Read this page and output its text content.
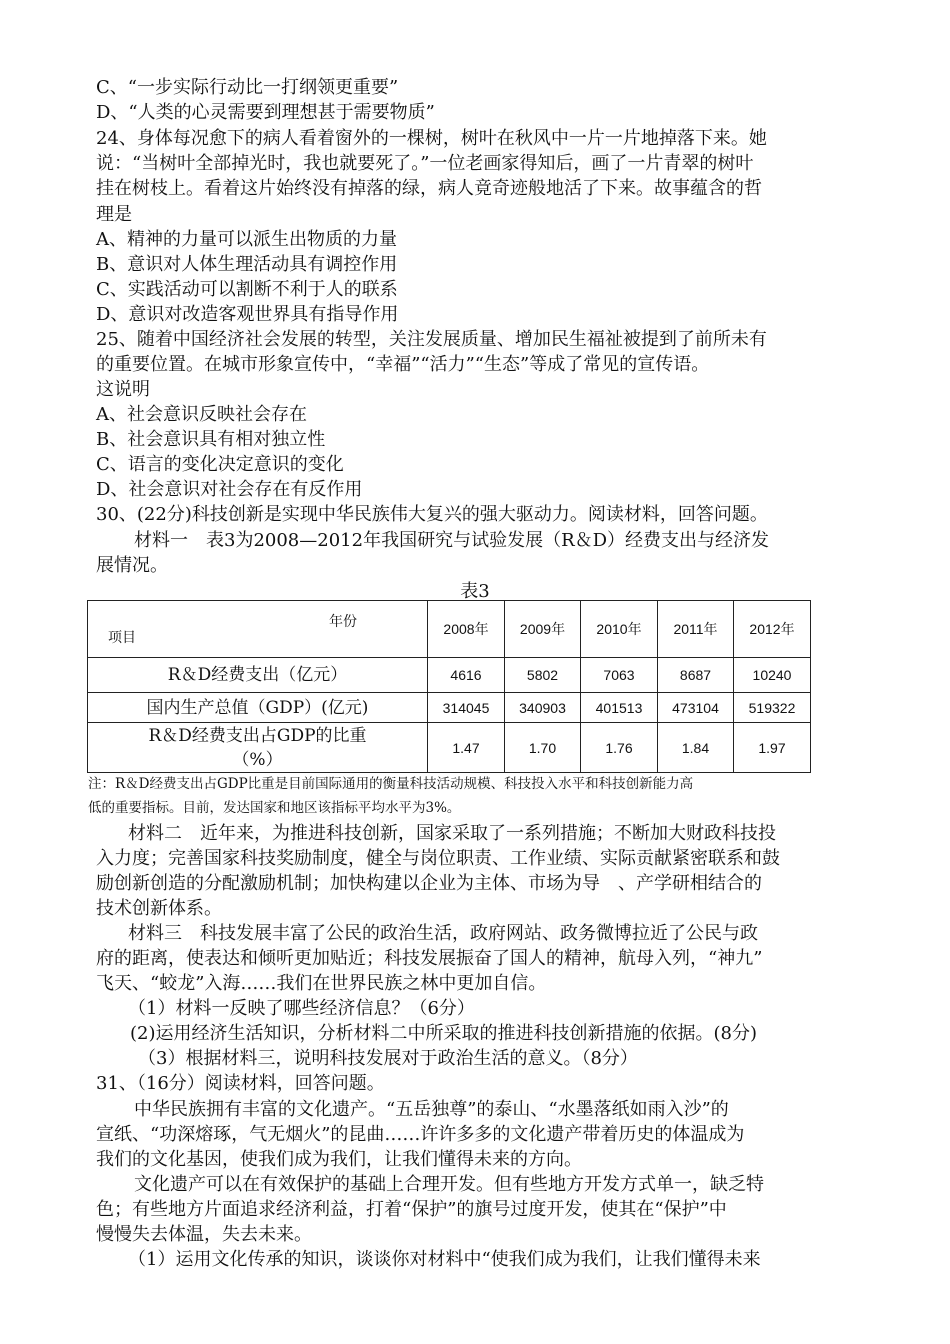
C、“一步实际行动比一打纲领更重要”
D、“人类的心灵需要到理想甚于需要物质”
24、身体每况愈下的病人看着窗外的一棵树，树叶在秋风中一片一片地掉落下来。她
说：“当树叶全部掉光时，我也就要死了。”一位老画家得知后，画了一片青翠的树叶
挂在树枝上。看着这片始终没有掉落的绿，病人竟奇迹般地活了下来。故事蕴含的哲
理是
A、精神的力量可以派生出物质的力量
B、意识对人体生理活动具有调控作用
C、实践活动可以割断不利于人的联系
D、意识对改造客观世界具有指导作用
25、随着中国经济社会发展的转型，关注发展质量、增加民生福祉被提到了前所未有
的重要位置。在城市形象宣传中，“幸福”“活力”“生态”等成了常见的宣传语。
这说明
A、社会意识反映社会存在
B、社会意识具有相对独立性
C、语言的变化决定意识的变化
D、社会意识对社会存在有反作用
30、(22分)科技创新是实现中华民族伟大复兴的强大驱动力。阅读材料，回答问题。
材料一　表3为2008—2012年我国研究与试验发展（R＆D）经费支出与经济发
展情况。
表3
年份
项目	2008年	2009年	2010年	2011年	2012年
R＆D经费支出（亿元）	4616	5802	7063	8687	10240
国内生产总值（GDP）(亿元)	314045	340903	401513	473104	519322
R＆D经费支出占GDP的比重（%）	1.47	1.70	1.76	1.84	1.97
注：R＆D经费支出占GDP比重是目前国际通用的衡量科技活动规模、科技投入水平和科技创新能力高
低的重要指标。目前，发达国家和地区该指标平均水平为3%。
材料二　近年来，为推进科技创新，国家采取了一系列措施；不断加大财政科技投
入力度；完善国家科技奖励制度，健全与岗位职责、工作业绩、实际贡献紧密联系和鼓
励创新创造的分配激励机制；加快构建以企业为主体、市场为导　、产学研相结合的
技术创新体系。
材料三　科技发展丰富了公民的政治生活，政府网站、政务微博拉近了公民与政
府的距离，使表达和倾听更加贴近；科技发展振奋了国人的精神，航母入列，“神九”
飞天、“蛟龙”入海……我们在世界民族之林中更加自信。
（1）材料一反映了哪些经济信息？（6分）
(2)运用经济生活知识，分析材料二中所采取的推进科技创新措施的依据。(8分)
（3）根据材料三，说明科技发展对于政治生活的意义。（8分）
31、（16分）阅读材料，回答问题。
中华民族拥有丰富的文化遗产。“五岳独尊”的泰山、“水墨落纸如雨入沙”的
宣纸、“功深熔琢，气无烟火”的昆曲……许许多多的文化遗产带着历史的体温成为
我们的文化基因，使我们成为我们，让我们懂得未来的方向。
文化遗产可以在有效保护的基础上合理开发。但有些地方开发方式单一，缺乏特
色；有些地方片面追求经济利益，打着“保护”的旗号过度开发，使其在“保护”中
慢慢失去体温，失去未来。
（1）运用文化传承的知识，谈谈你对材料中“使我们成为我们，让我们懂得未来
